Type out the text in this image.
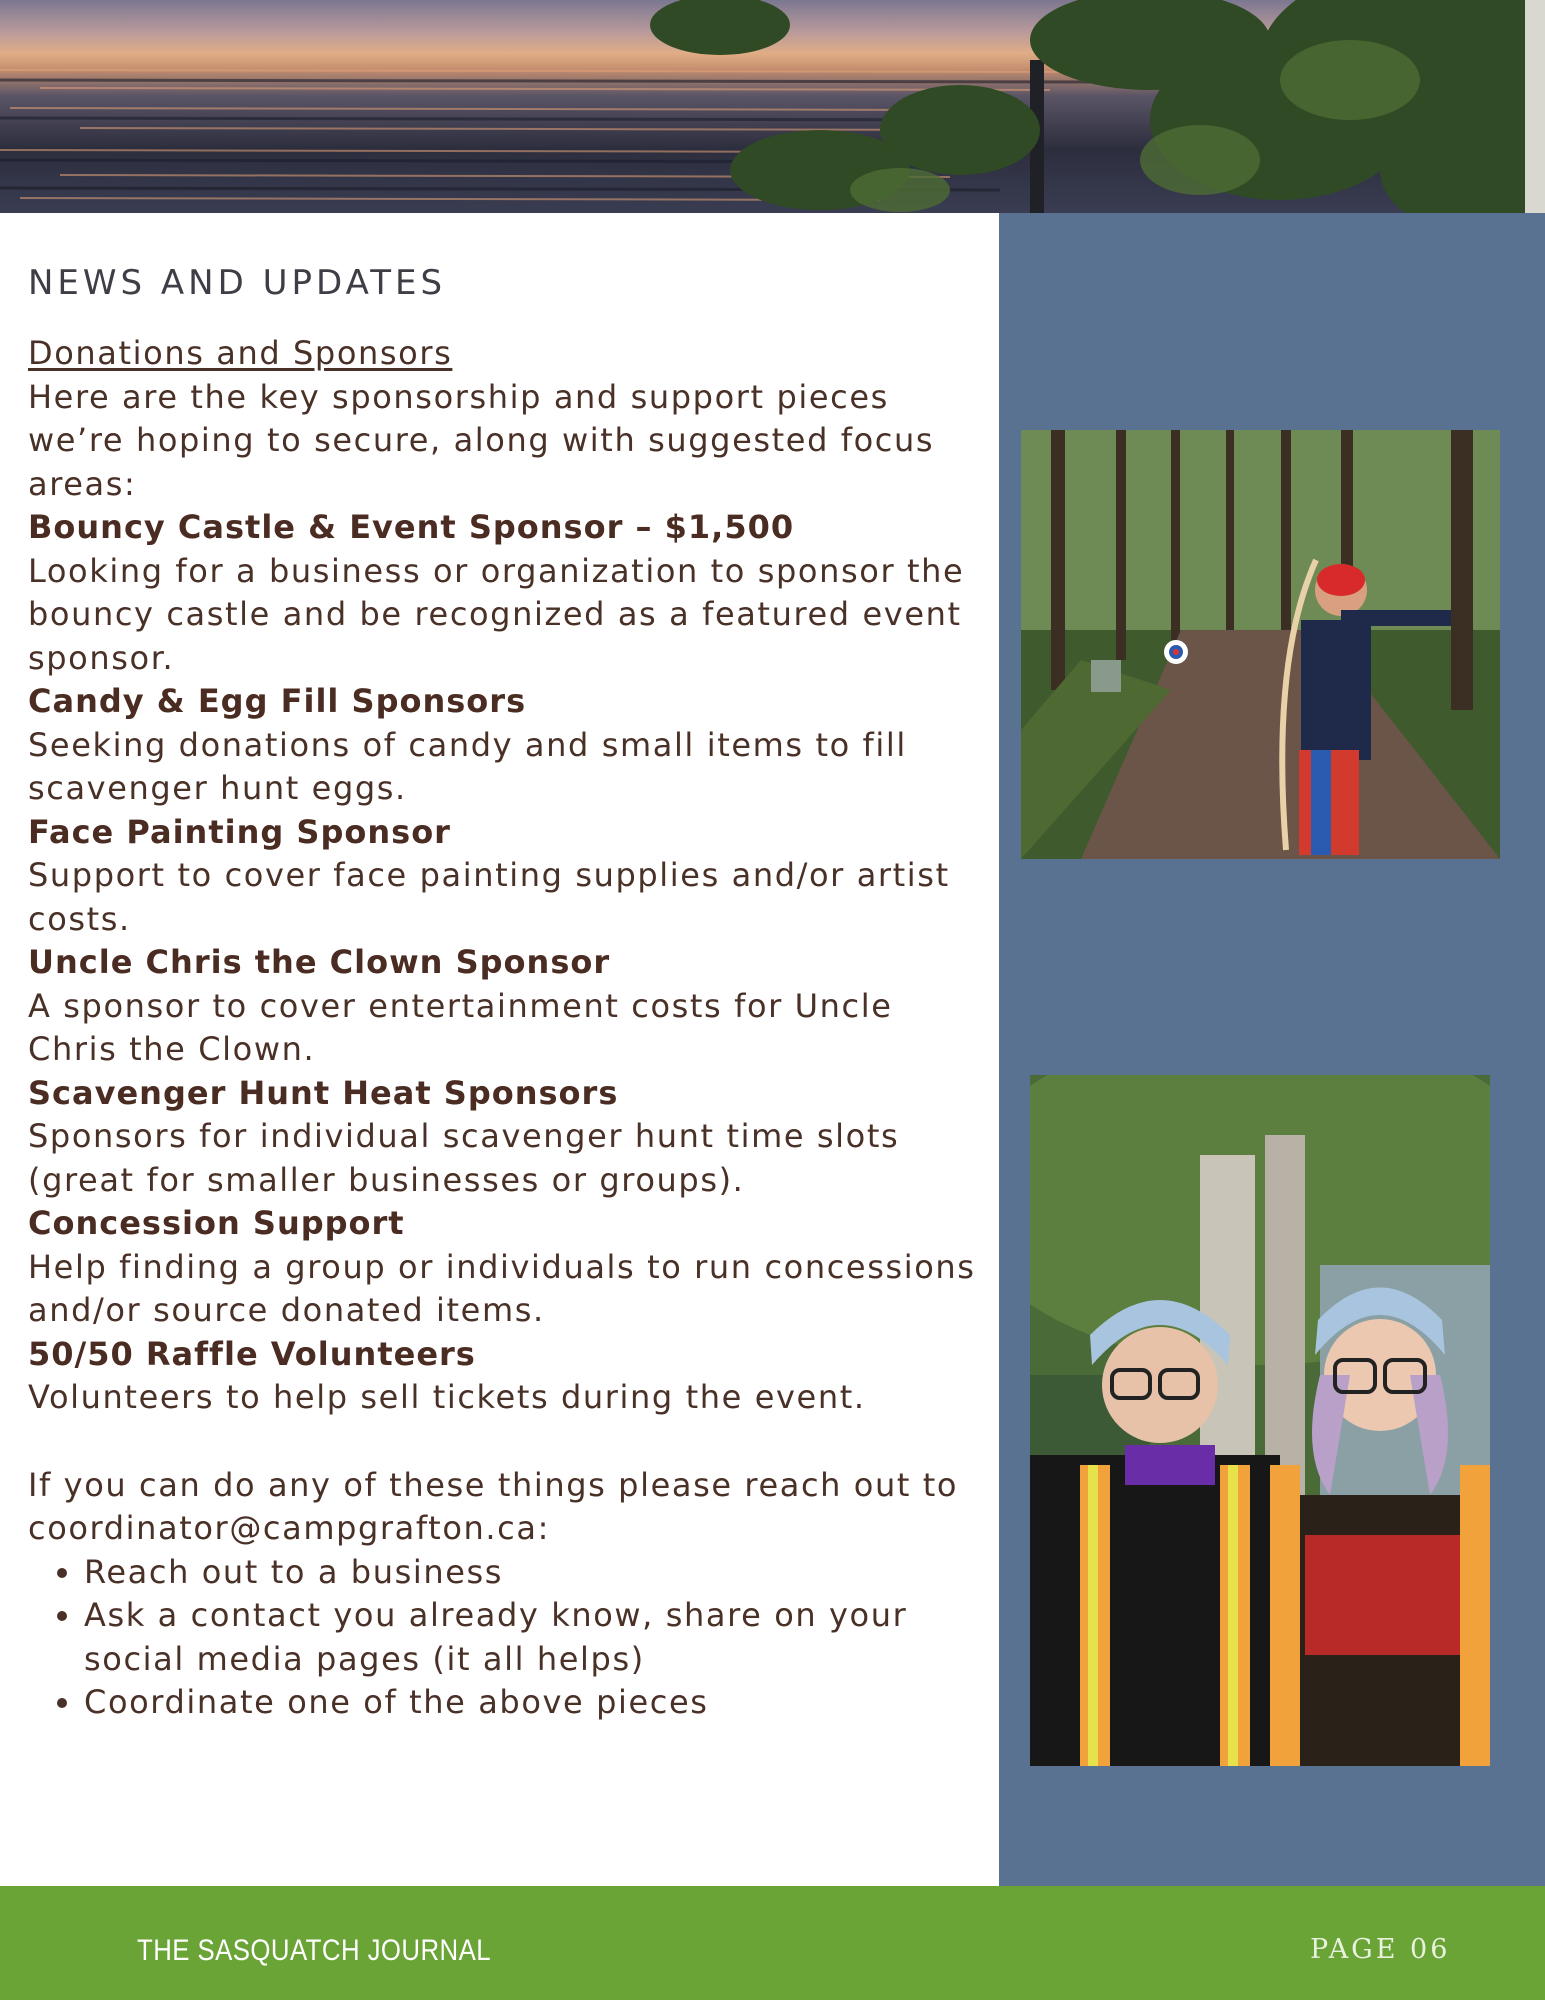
NEWS AND UPDATES

Donations and Sponsors

Here are the key sponsorship and support pieces we’re hoping to secure, along with suggested focus areas:

Bouncy Castle & Event Sponsor – $1,500

Looking for a business or organization to sponsor the bouncy castle and be recognized as a featured event sponsor.

Candy & Egg Fill Sponsors

Seeking donations of candy and small items to fill scavenger hunt eggs.

Face Painting Sponsor

Support to cover face painting supplies and/or artist costs.

Uncle Chris the Clown Sponsor

A sponsor to cover entertainment costs for Uncle Chris the Clown.

Scavenger Hunt Heat Sponsors

Sponsors for individual scavenger hunt time slots (great for smaller businesses or groups).

Concession Support

Help finding a group or individuals to run concessions and/or source donated items.

50/50 Raffle Volunteers

Volunteers to help sell tickets during the event.

If you can do any of these things please reach out to coordinator@campgrafton.ca:

• Reach out to a business
• Ask a contact you already know, share on your social media pages (it all helps)
• Coordinate one of the above pieces
THE SASQUATCH JOURNAL	PAGE 06
